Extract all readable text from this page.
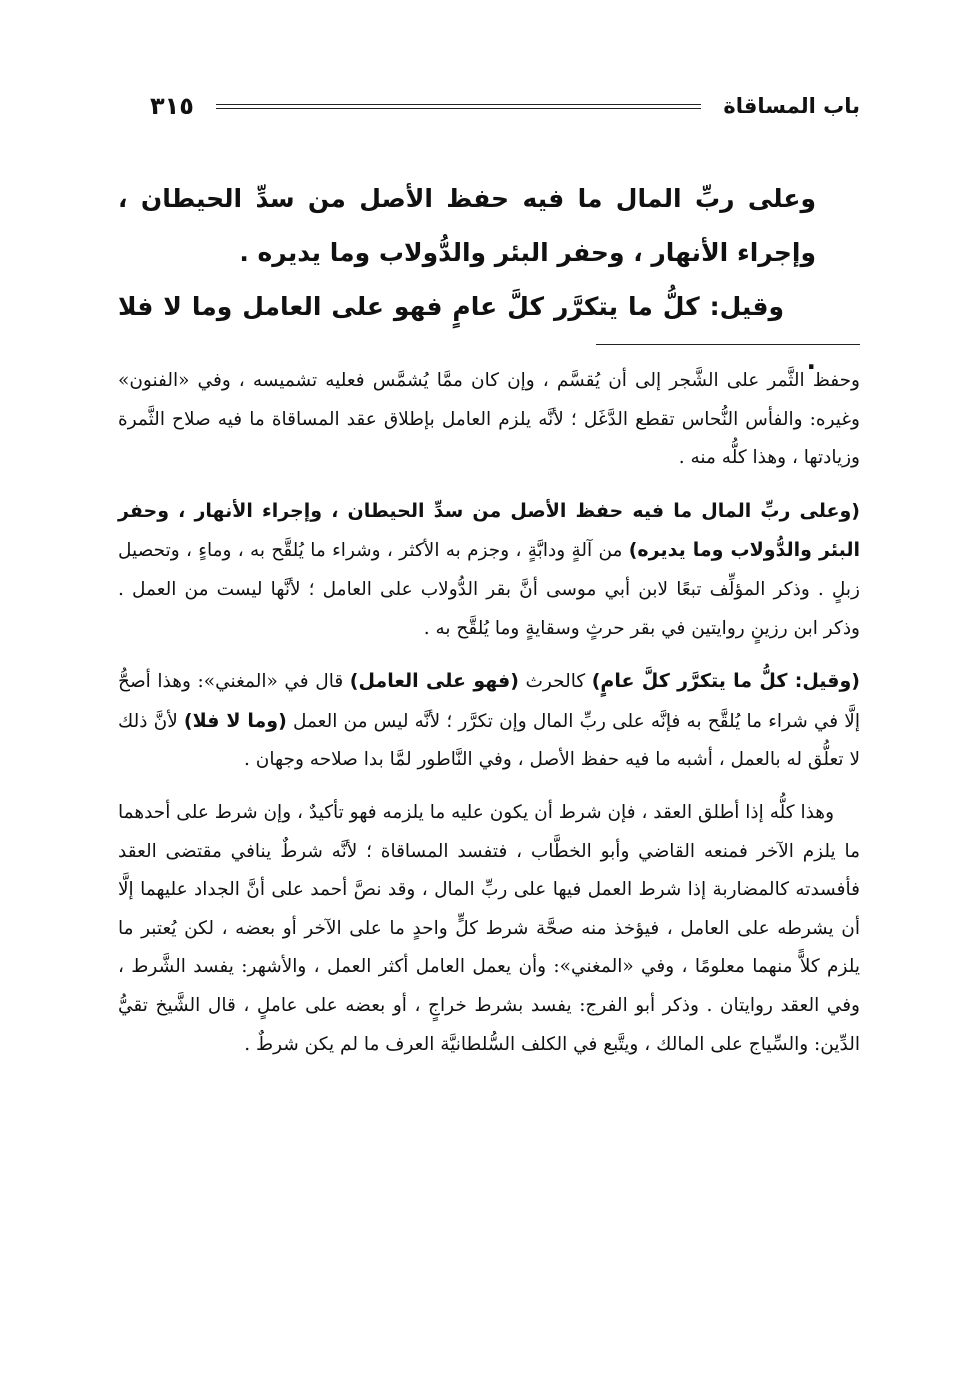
باب المساقاة
٣١٥

وعلى ربِّ المال ما فيه حفظ الأصل من سدِّ الحيطان ، وإجراء الأنهار ، وحفر البئر والدُّولاب وما يديره .

وقيل: كلُّ ما يتكرَّر كلَّ عامٍ فهو على العامل وما لا فلا .

وحفظ الثَّمر على الشَّجر إلى أن يُقسَّم ، وإن كان ممَّا يُشمَّس فعليه تشميسه ، وفي «الفنون» وغيره: والفأس النُّحاس تقطع الدَّغَل ؛ لأنَّه يلزم العامل بإطلاق عقد المساقاة ما فيه صلاح الثَّمرة وزيادتها ، وهذا كلُّه منه .

(وعلى ربِّ المال ما فيه حفظ الأصل من سدِّ الحيطان ، وإجراء الأنهار ، وحفر البئر والدُّولاب وما يديره) من آلةٍ ودابَّةٍ ، وجزم به الأكثر ، وشراء ما يُلقَّح به ، وماءٍ ، وتحصيل زبلٍ . وذكر المؤلِّف تبعًا لابن أبي موسى أنَّ بقر الدُّولاب على العامل ؛ لأنَّها ليست من العمل . وذكر ابن رزينٍ روايتين في بقر حرثٍ وسقايةٍ وما يُلقَّح به .

(وقيل: كلُّ ما يتكرَّر كلَّ عامٍ) كالحرث (فهو على العامل) قال في «المغني»: وهذا أصحُّ إلَّا في شراء ما يُلقَّح به فإنَّه على ربِّ المال وإن تكرَّر ؛ لأنَّه ليس من العمل (وما لا فلا) لأنَّ ذلك لا تعلُّق له بالعمل ، أشبه ما فيه حفظ الأصل ، وفي النَّاطور لمَّا بدا صلاحه وجهان .

وهذا كلُّه إذا أطلق العقد ، فإن شرط أن يكون عليه ما يلزمه فهو تأكيدٌ ، وإن شرط على أحدهما ما يلزم الآخر فمنعه القاضي وأبو الخطَّاب ، فتفسد المساقاة ؛ لأنَّه شرطٌ ينافي مقتضى العقد فأفسدته كالمضاربة إذا شرط العمل فيها على ربِّ المال ، وقد نصَّ أحمد على أنَّ الجداد عليهما إلَّا أن يشرطه على العامل ، فيؤخذ منه صحَّة شرط كلٍّ واحدٍ ما على الآخر أو بعضه ، لكن يُعتبر ما يلزم كلاًّ منهما معلومًا ، وفي «المغني»: وأن يعمل العامل أكثر العمل ، والأشهر: يفسد الشَّرط ، وفي العقد روايتان . وذكر أبو الفرج: يفسد بشرط خراجٍ ، أو بعضه على عاملٍ ، قال الشَّيخ تقيُّ الدِّين: والسِّياج على المالك ، ويتَّبع في الكلف السُّلطانيَّة العرف ما لم يكن شرطٌ .
